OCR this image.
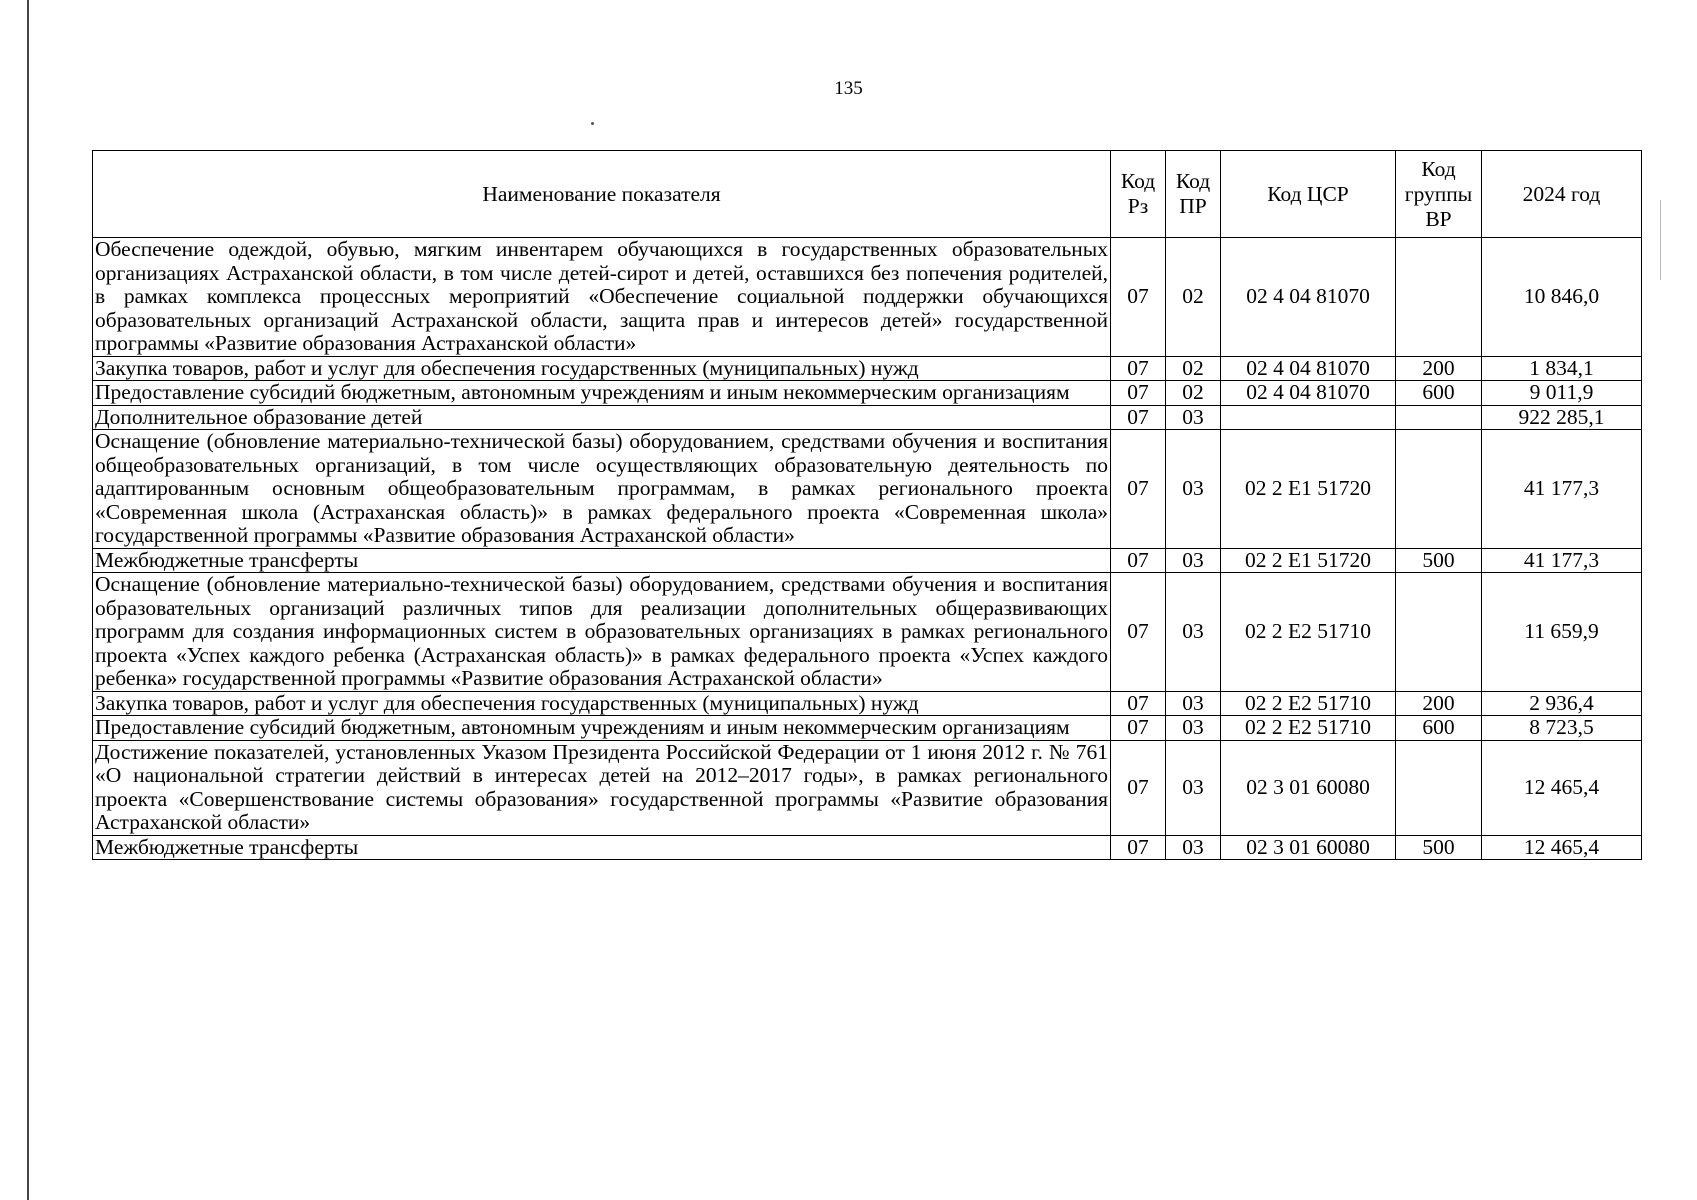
135
Наименование показателя	Код Рз	Код ПР	Код ЦСР	Код группы ВР	2024 год
Обеспечение одеждой, обувью, мягким инвентарем обучающихся в государственных образовательных организациях Астраханской области, в том числе детей-сирот и детей, оставшихся без попечения родителей, в рамках комплекса процессных мероприятий «Обеспечение социальной поддержки обучающихся образовательных организаций Астраханской области, защита прав и интересов детей» государственной программы «Развитие образования Астраханской области»	07	02	02 4 04 81070		10 846,0
Закупка товаров, работ и услуг для обеспечения государственных (муниципальных) нужд	07	02	02 4 04 81070	200	1 834,1
Предоставление субсидий бюджетным, автономным учреждениям и иным некоммерческим организациям	07	02	02 4 04 81070	600	9 011,9
Дополнительное образование детей	07	03			922 285,1
Оснащение (обновление материально-технической базы) оборудованием, средствами обучения и воспитания общеобразовательных организаций, в том числе осуществляющих образовательную деятельность по адаптированным основным общеобразовательным программам, в рамках регионального проекта «Современная школа (Астраханская область)» в рамках федерального проекта «Современная школа» государственной программы «Развитие образования Астраханской области»	07	03	02 2 E1 51720		41 177,3
Межбюджетные трансферты	07	03	02 2 E1 51720	500	41 177,3
Оснащение (обновление материально-технической базы) оборудованием, средствами обучения и воспитания образовательных организаций различных типов для реализации дополнительных общеразвивающих программ для создания информационных систем в образовательных организациях в рамках регионального проекта «Успех каждого ребенка (Астраханская область)» в рамках федерального проекта «Успех каждого ребенка» государственной программы «Развитие образования Астраханской области»	07	03	02 2 E2 51710		11 659,9
Закупка товаров, работ и услуг для обеспечения государственных (муниципальных) нужд	07	03	02 2 E2 51710	200	2 936,4
Предоставление субсидий бюджетным, автономным учреждениям и иным некоммерческим организациям	07	03	02 2 E2 51710	600	8 723,5
Достижение показателей, установленных Указом Президента Российской Федерации от 1 июня 2012 г. № 761 «О национальной стратегии действий в интересах детей на 2012–2017 годы», в рамках регионального проекта «Совершенствование системы образования» государственной программы «Развитие образования Астраханской области»	07	03	02 3 01 60080		12 465,4
Межбюджетные трансферты	07	03	02 3 01 60080	500	12 465,4
